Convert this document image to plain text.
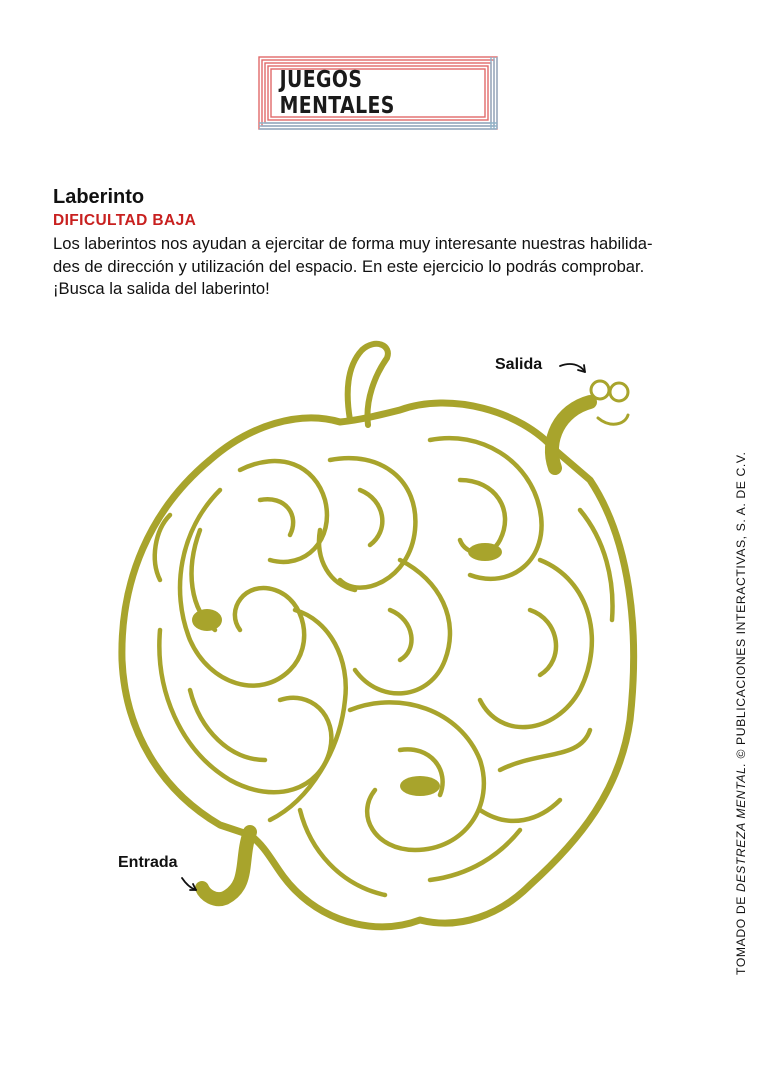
JUEGOS MENTALES
Laberinto
DIFICULTAD BAJA

Los laberintos nos ayudan a ejercitar de forma muy interesante nuestras habilida-

des de dirección y utilización del espacio. En este ejercicio lo podrás comprobar.

¡Busca la salida del laberinto!

Salida
Entrada
TOMADO DE DESTREZA MENTAL. © PUBLICACIONES INTERACTIVAS, S. A. DE C.V.
